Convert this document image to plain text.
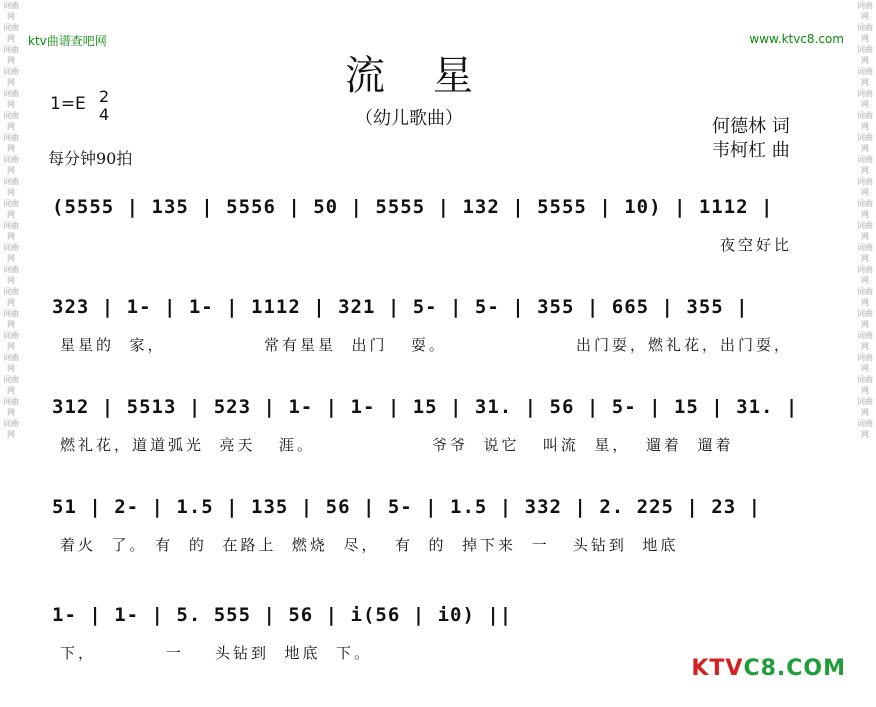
词曲网
词曲网
词曲网
词曲网
词曲网
词曲网
词曲网
词曲网
词曲网
词曲网
词曲网
词曲网
词曲网
词曲网
词曲网
词曲网
词曲网
词曲网
词曲网
词曲网
词曲网
词曲网
词曲网
词曲网
词曲网
词曲网
词曲网
词曲网
词曲网
词曲网
词曲网
词曲网
词曲网
词曲网
词曲网
词曲网
词曲网
词曲网
词曲网
词曲网
ktv曲谱查吧网	www.ktvc8.com
流星
（幼儿歌曲）
1=E 2
4
每分钟90拍
何德林 词
韦柯杠 曲
(5555 | 135 | 5556 | 50 | 5555 | 132 | 5555 | 10) | 1112 |
夜空好比
323 | 1- | 1- | 1112 | 321 | 5- | 5- | 355 | 665 | 355 |
星星的  家，	常有星星  出门   耍。	出门耍，燃礼花，出门耍，
312 | 5513 | 523 | 1- | 1- | 15 | 31. | 56 | 5- | 15 | 31. |
燃礼花，道道弧光  亮天   涯。	爷爷  说它   叫流  星，  遛着  遛着
51 | 2- | 1.5 | 135 | 56 | 5- | 1.5 | 332 | 2. 225 | 23 |
着火  了。 有  的  在路上  燃烧  尽，  有  的  掉下来  一   头钻到  地底
1- | 1- | 5. 555 | 56 | i(56 | i0) ||
下，         一    头钻到  地底  下。
KTVC8.COM
